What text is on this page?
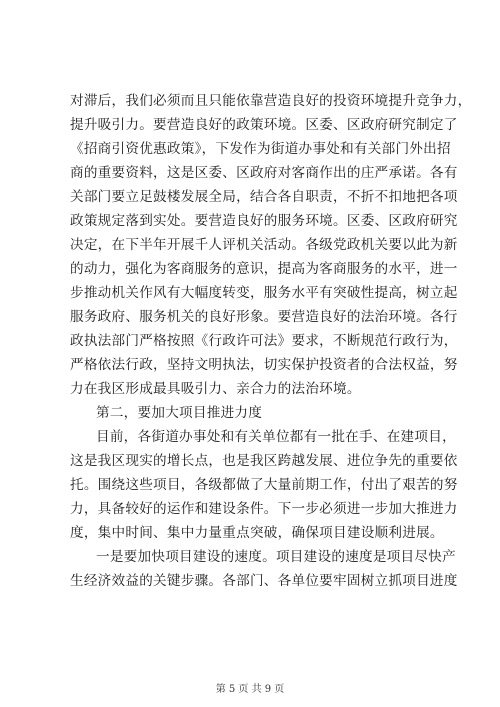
对滞后，我们必须而且只能依靠营造良好的投资环境提升竞争力，
提升吸引力。要营造良好的政策环境。区委、区政府研究制定了
《招商引资优惠政策》，下发作为街道办事处和有关部门外出招
商的重要资料，这是区委、区政府对客商作出的庄严承诺。各有
关部门要立足鼓楼发展全局，结合各自职责，不折不扣地把各项
政策规定落到实处。要营造良好的服务环境。区委、区政府研究
决定，在下半年开展千人评机关活动。各级党政机关要以此为新
的动力，强化为客商服务的意识，提高为客商服务的水平，进一
步推动机关作风有大幅度转变，服务水平有突破性提高，树立起
服务政府、服务机关的良好形象。要营造良好的法治环境。各行
政执法部门严格按照《行政许可法》要求，不断规范行政行为，
严格依法行政，坚持文明执法，切实保护投资者的合法权益，努
力在我区形成最具吸引力、亲合力的法治环境。
第二，要加大项目推进力度
目前，各街道办事处和有关单位都有一批在手、在建项目，
这是我区现实的增长点，也是我区跨越发展、进位争先的重要依
托。围绕这些项目，各级都做了大量前期工作，付出了艰苦的努
力，具备较好的运作和建设条件。下一步必须进一步加大推进力
度，集中时间、集中力量重点突破，确保项目建设顺利进展。
一是要加快项目建设的速度。项目建设的速度是项目尽快产
生经济效益的关键步骤。各部门、各单位要牢固树立抓项目进度
第 5 页 共 9 页
